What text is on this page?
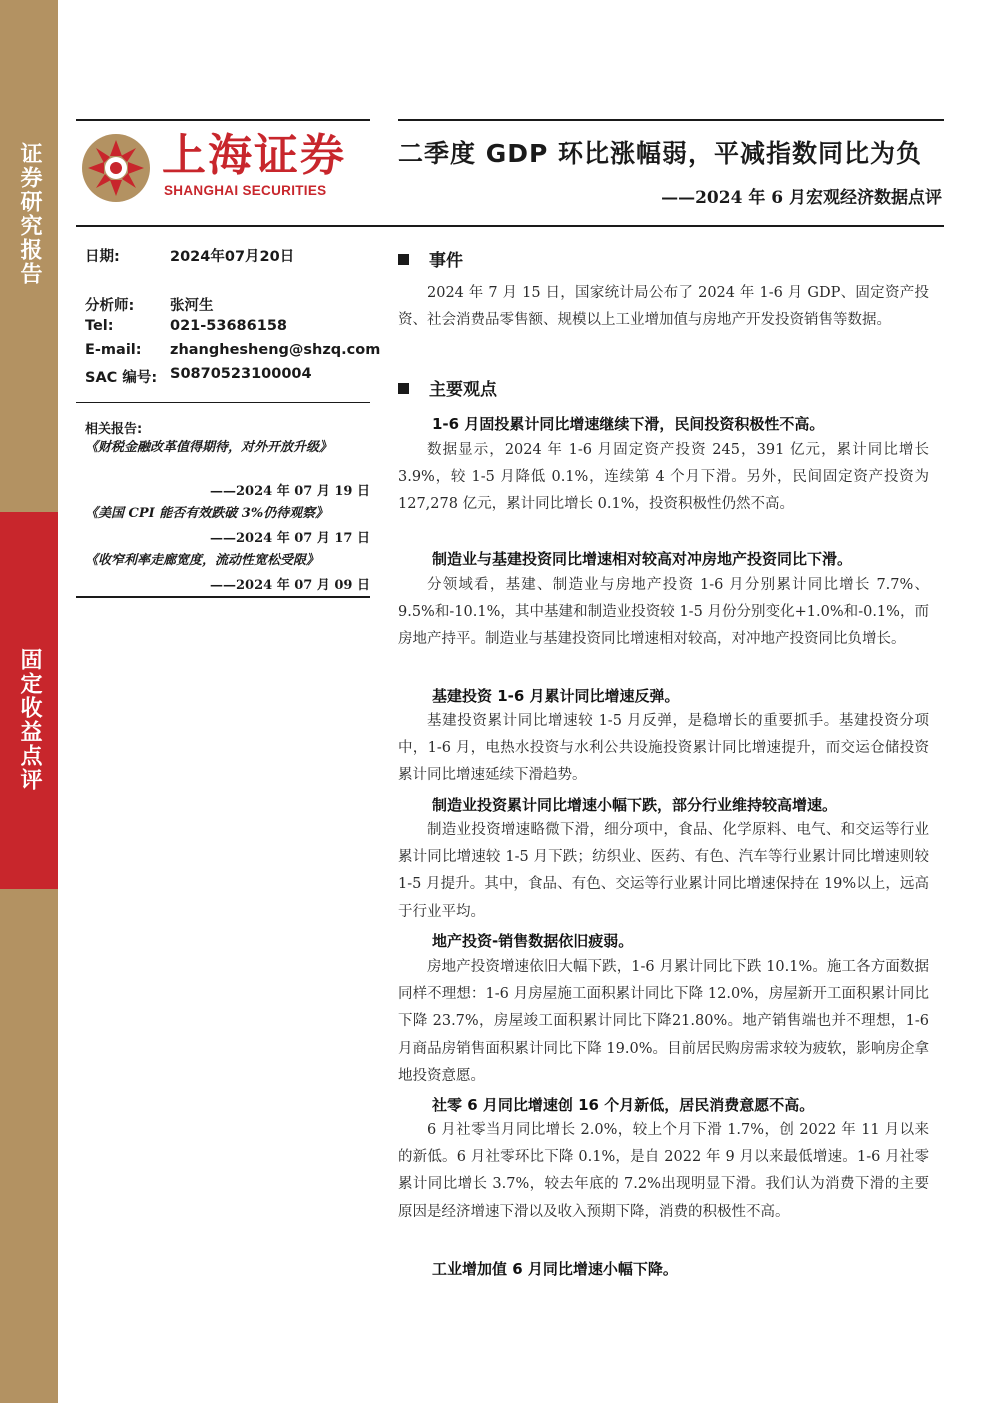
证券研究报告
固定收益点评
上海证券
SHANGHAI SECURITIES
二季度 GDP 环比涨幅弱，平减指数同比为负
——2024 年 6 月宏观经济数据点评
日期:	2024年07月20日
分析师: 张河生
Tel:	021-53686158
E-mail: zhanghesheng@shzq.com
SAC 编号: S0870523100004
相关报告:
《财税金融改革值得期待，对外开放升级》
——2024 年 07 月 19 日
《美国 CPI 能否有效跌破 3%仍待观察》
——2024 年 07 月 17 日
《收窄利率走廊宽度，流动性宽松受限》
——2024 年 07 月 09 日
事件
2024 年 7 月 15 日，国家统计局公布了 2024 年 1-6 月 GDP、固定资产投资、社会消费品零售额、规模以上工业增加值与房地产开发投资销售等数据。
主要观点
1-6 月固投累计同比增速继续下滑，民间投资积极性不高。
数据显示，2024 年 1-6 月固定资产投资 245，391 亿元，累计同比增长 3.9%，较 1-5 月降低 0.1%，连续第 4 个月下滑。另外，民间固定资产投资为 127,278 亿元，累计同比增长 0.1%，投资积极性仍然不高。
制造业与基建投资同比增速相对较高对冲房地产投资同比下滑。
分领域看，基建、制造业与房地产投资 1-6 月分别累计同比增长 7.7%、9.5%和-10.1%，其中基建和制造业投资较 1-5 月份分别变化+1.0%和-0.1%，而房地产持平。制造业与基建投资同比增速相对较高，对冲地产投资同比负增长。
基建投资 1-6 月累计同比增速反弹。
基建投资累计同比增速较 1-5 月反弹，是稳增长的重要抓手。基建投资分项中，1-6 月，电热水投资与水利公共设施投资累计同比增速提升，而交运仓储投资累计同比增速延续下滑趋势。
制造业投资累计同比增速小幅下跌，部分行业维持较高增速。
制造业投资增速略微下滑，细分项中，食品、化学原料、电气、和交运等行业累计同比增速较 1-5 月下跌；纺织业、医药、有色、汽车等行业累计同比增速则较 1-5 月提升。其中，食品、有色、交运等行业累计同比增速保持在 19%以上，远高于行业平均。
地产投资-销售数据依旧疲弱。
房地产投资增速依旧大幅下跌，1-6 月累计同比下跌 10.1%。施工各方面数据同样不理想：1-6 月房屋施工面积累计同比下降 12.0%，房屋新开工面积累计同比下降 23.7%，房屋竣工面积累计同比下降21.80%。地产销售端也并不理想，1-6 月商品房销售面积累计同比下降 19.0%。目前居民购房需求较为疲软，影响房企拿地投资意愿。
社零 6 月同比增速创 16 个月新低，居民消费意愿不高。
6 月社零当月同比增长 2.0%，较上个月下滑 1.7%，创 2022 年 11 月以来的新低。6 月社零环比下降 0.1%，是自 2022 年 9 月以来最低增速。1-6 月社零累计同比增长 3.7%，较去年底的 7.2%出现明显下滑。我们认为消费下滑的主要原因是经济增速下滑以及收入预期下降，消费的积极性不高。
工业增加值 6 月同比增速小幅下降。
